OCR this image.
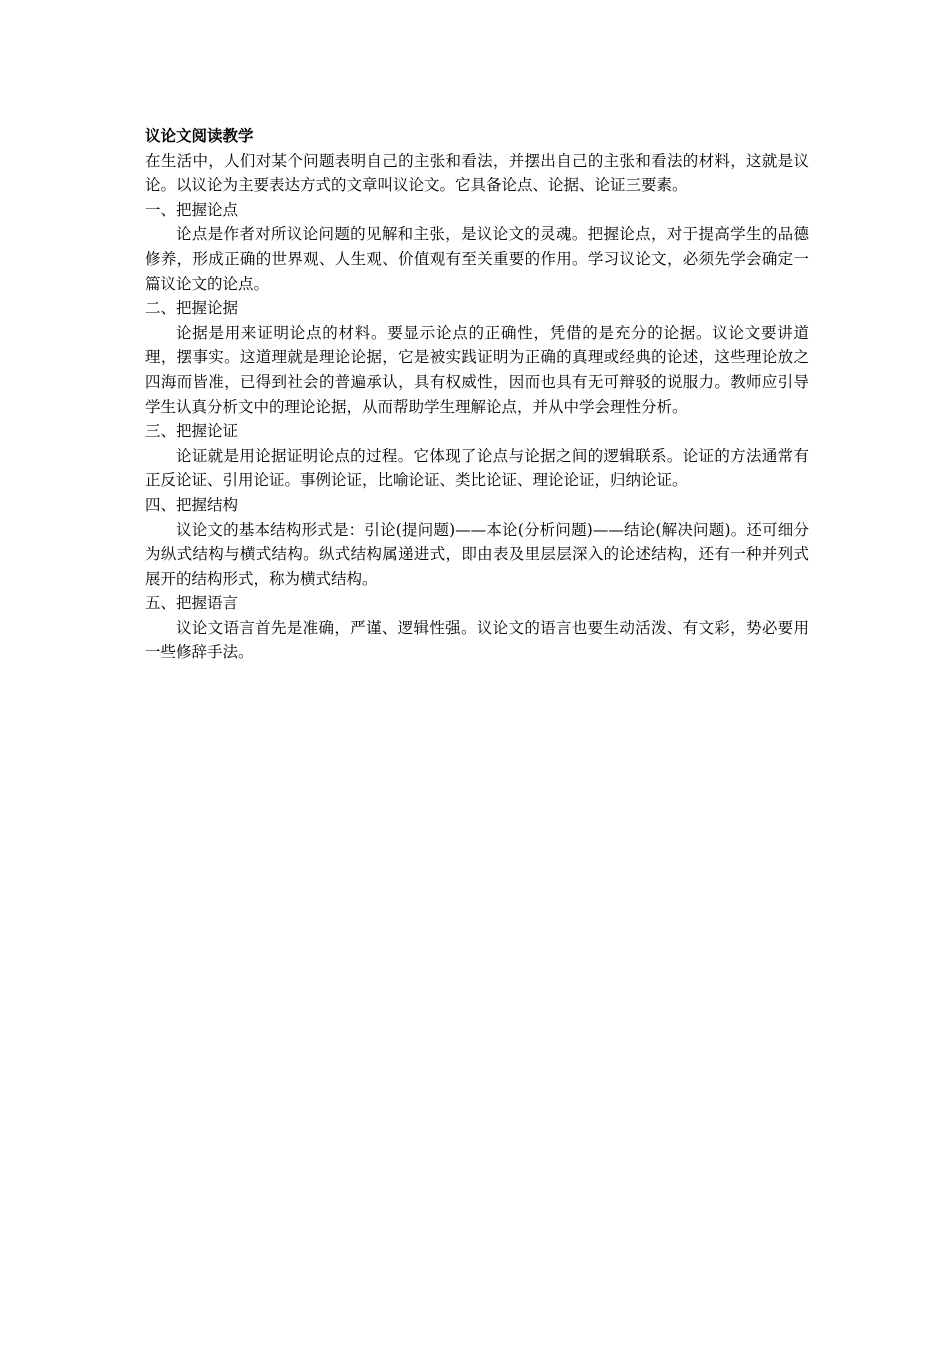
议论文阅读教学

在生活中，人们对某个问题表明自己的主张和看法，并摆出自己的主张和看法的材料，这就是议论。以议论为主要表达方式的文章叫议论文。它具备论点、论据、论证三要素。

一、把握论点

论点是作者对所议论问题的见解和主张，是议论文的灵魂。把握论点，对于提高学生的品德修养，形成正确的世界观、人生观、价值观有至关重要的作用。学习议论文，必须先学会确定一篇议论文的论点。

二、把握论据

论据是用来证明论点的材料。要显示论点的正确性，凭借的是充分的论据。议论文要讲道理，摆事实。这道理就是理论论据，它是被实践证明为正确的真理或经典的论述，这些理论放之四海而皆准，已得到社会的普遍承认，具有权威性，因而也具有无可辩驳的说服力。教师应引导学生认真分析文中的理论论据，从而帮助学生理解论点，并从中学会理性分析。

三、把握论证

论证就是用论据证明论点的过程。它体现了论点与论据之间的逻辑联系。论证的方法通常有正反论证、引用论证。事例论证，比喻论证、类比论证、理论论证，归纳论证。

四、把握结构

议论文的基本结构形式是：引论(提问题)——本论(分析问题)——结论(解决问题)。还可细分为纵式结构与横式结构。纵式结构属递进式，即由表及里层层深入的论述结构，还有一种并列式展开的结构形式，称为横式结构。

五、把握语言

议论文语言首先是准确，严谨、逻辑性强。议论文的语言也要生动活泼、有文彩，势必要用一些修辞手法。
